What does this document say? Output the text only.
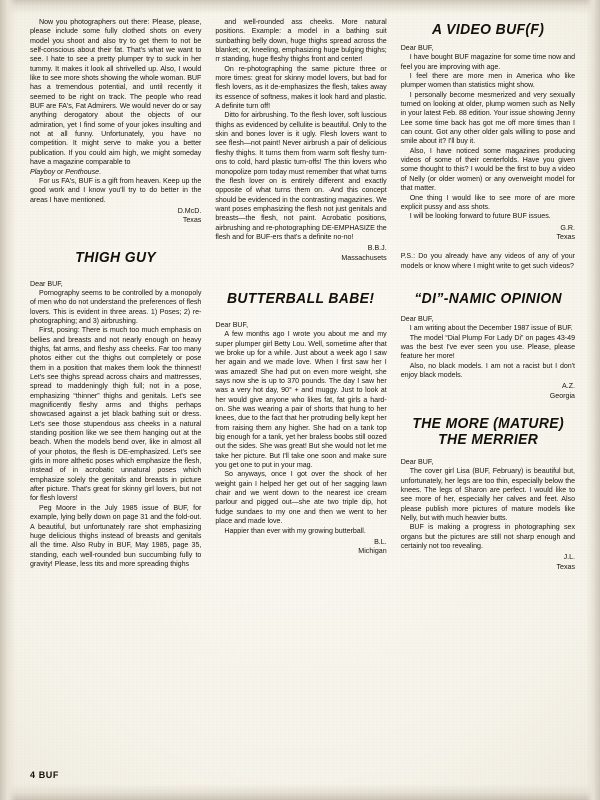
Now you photographers out there: Please, please, please include some fully clothed shots on every model you shoot and also try to get them to not be self-conscious about their fat. That's what we want to see. I hate to see a pretty plumper try to suck in her tummy. It makes it look all shrivelled up. Also, I would like to see more shots showing the whole woman. BUF has a tremendous potential, and until recently it seemed to be right on track. The people who read BUF are FA's, Fat Admirers. We would never do or say anything derogatory about the objects of our admiration, yet I find some of your jokes insulting and not at all funny. Unfortunately, you have no competition. It might serve to make you a better publication. If you could aim high, we might someday have a magazine comparable to

Playboy or Penthouse.

For us FA's, BUF is a gift from heaven. Keep up the good work and I know you'll try to do better in the areas I have mentioned.

D.McD.

Texas

THIGH GUY

Dear BUF,

Pornography seems to be controlled by a monopoly of men who do not understand the preferences of flesh lovers. This is evident in three areas. 1) Poses; 2) re-photographing; and 3) airbrushing.

First, posing: There is much too much emphasis on bellies and breasts and not nearly enough on heavy thighs, fat arms, and fleshy ass cheeks. Far too many photos either cut the thighs out completely or pose them in a position that makes them look the thinnest! Let's see thighs spread across chairs and mattresses, spread to maddeningly thigh full; not in a pose, emphasizing “thinner” thighs and genitals. Let's see magnificently fleshy arms and thighs perhaps showcased against a jet black bathing suit or dress. Let's see those stupendous ass cheeks in a natural standing position like we see them hanging out at the beach. When the models bend over, like in almost all of your photos, the flesh is DE-emphasized. Let's see girls in more althetic poses which emphasize the flesh, instead of in acrobatic unnatural poses which emphasize solely the genitals and breasts in picture after picture. That's great for skinny girl lovers, but not for flesh lovers!

Peg Moore in the July 1985 issue of BUF, for example, lying belly down on page 31 and the fold-out. A beautiful, but unfortunately rare shot emphasizing huge delicious thighs instead of breasts and genitals all the time. Also Ruby in BUF, May 1985, page 35, standing, each well-rounded bun succumbing fully to gravity! Please, less tits and more spreading thighs

and well-rounded ass cheeks. More natural positions. Example: a model in a bathing suit sunbathing belly down, huge thighs spread across the blanket; or, kneeling, emphasizing huge bulging thighs; rr standing, huge fleshy thighs front and center!

On re-photographing the same picture three or more times: great for skinny model lovers, but bad for flesh lovers, as it de-emphasizes the flesh, takes away its essence of softness, makes it look hard and plastic. A definite turn off!

Ditto for airbrushing. To the flesh lover, soft luscious thighs as evidenced by cellulite is beautiful. Only to the skin and bones lover is it ugly. Flesh lovers want to see flesh—not paint! Never airbrush a pair of delicious fleshy thighs. It turns them from warm soft fleshy turn-ons to cold, hard plastic turn-offs! The thin lovers who monopolize porn today must remember that what turns the flesh lover on is entirely different and exactly opposite of what turns them on. ·And this concept should be evidenced in the contrasting magazines. We want poses emphasizing the flesh not just genitals and breasts—the flesh, not paint. Acrobatic positions, airbrushing and re-photographing DE-EMPHASIZE the flesh and for BUF-ers that's a definite no-no!

B.B.J.

Massachusets

BUTTERBALL BABE!

Dear BUF,

A few months ago I wrote you about me and my super plumper girl Betty Lou. Well, sometime after that we broke up for a while. Just about a week ago I saw her again and we made love. When I first saw her I was amazed! She had put on even more weight, she says now she is up to 370 pounds. The day I saw her was a very hot day, 90° + and muggy. Just to look at her would give anyone who likes fat, fat girls a hard-on. She was wearing a pair of shorts that hung to her knees, due to the fact that her protruding belly kept her from raising them any higher. She had on a tank top big enough for a tank, yet her braless boobs still oozed out the sides. She was great! But she would not let me take her picture. But I'll take one soon and make sure you get one to put in your mag.

So anyways, once I got over the shock of her weight gain I helped her get out of her sagging lawn chair and we went down to the nearest ice cream parlour and pigged out—she ate two triple dip, hot fudge sundaes to my one and then we went to her place and made love.

Happier than ever with my growing butterball.

B.L.

Michigan

A VIDEO BUF(F)

Dear BUF,

I have bought BUF magazine for some time now and feel you are improving with age.

I feel there are more men in America who like plumper women than statistics might show.

I personally become mesmerized and very sexually turned on looking at older, plump women such as Nelly in your latest Feb. 88 edition. Your issue showing Jenny Lee some time back has got me off more times than I can count. Got any other older gals willing to pose and smile about it? I'll buy it.

Also, I have noticed some magazines producing videos of some of their centerfolds. Have you given some thought to this? I would be the first to buy a video of Nelly (or older women) or any overweight model for that matter.

One thing I would like to see more of are more explicit pussy and ass shots.

I will be looking forward to future BUF issues.

G.R.

Texas

P.S.: Do you already have any videos of any of your models or know where I might write to get such videos?

“DI”-NAMIC OPINION

Dear BUF,

I am writing about the December 1987 issue of BUF.

The model “Dial Plump For Lady Di” on pages 43-49 was the best I've ever seen you use. Please, please feature her more!

Also, no black models. I am not a racist but I don't enjoy black models.

A.Z.

Georgia

THE MORE (MATURE)
THE MERRIER

Dear BUF,

The cover girl Lisa (BUF, February) is beautiful but, unfortunately, her legs are too thin, especially below the knees. The legs of Sharon are perfect. I would like to see more of her, especially her calves and feet. Also please publish more pictures of mature models like Nelly, but with much heavier butts.

BUF is making a progress in photographing sex organs but the pictures are still not sharp enough and certainly not too revealing.

J.L.

Texas

4 BUF
